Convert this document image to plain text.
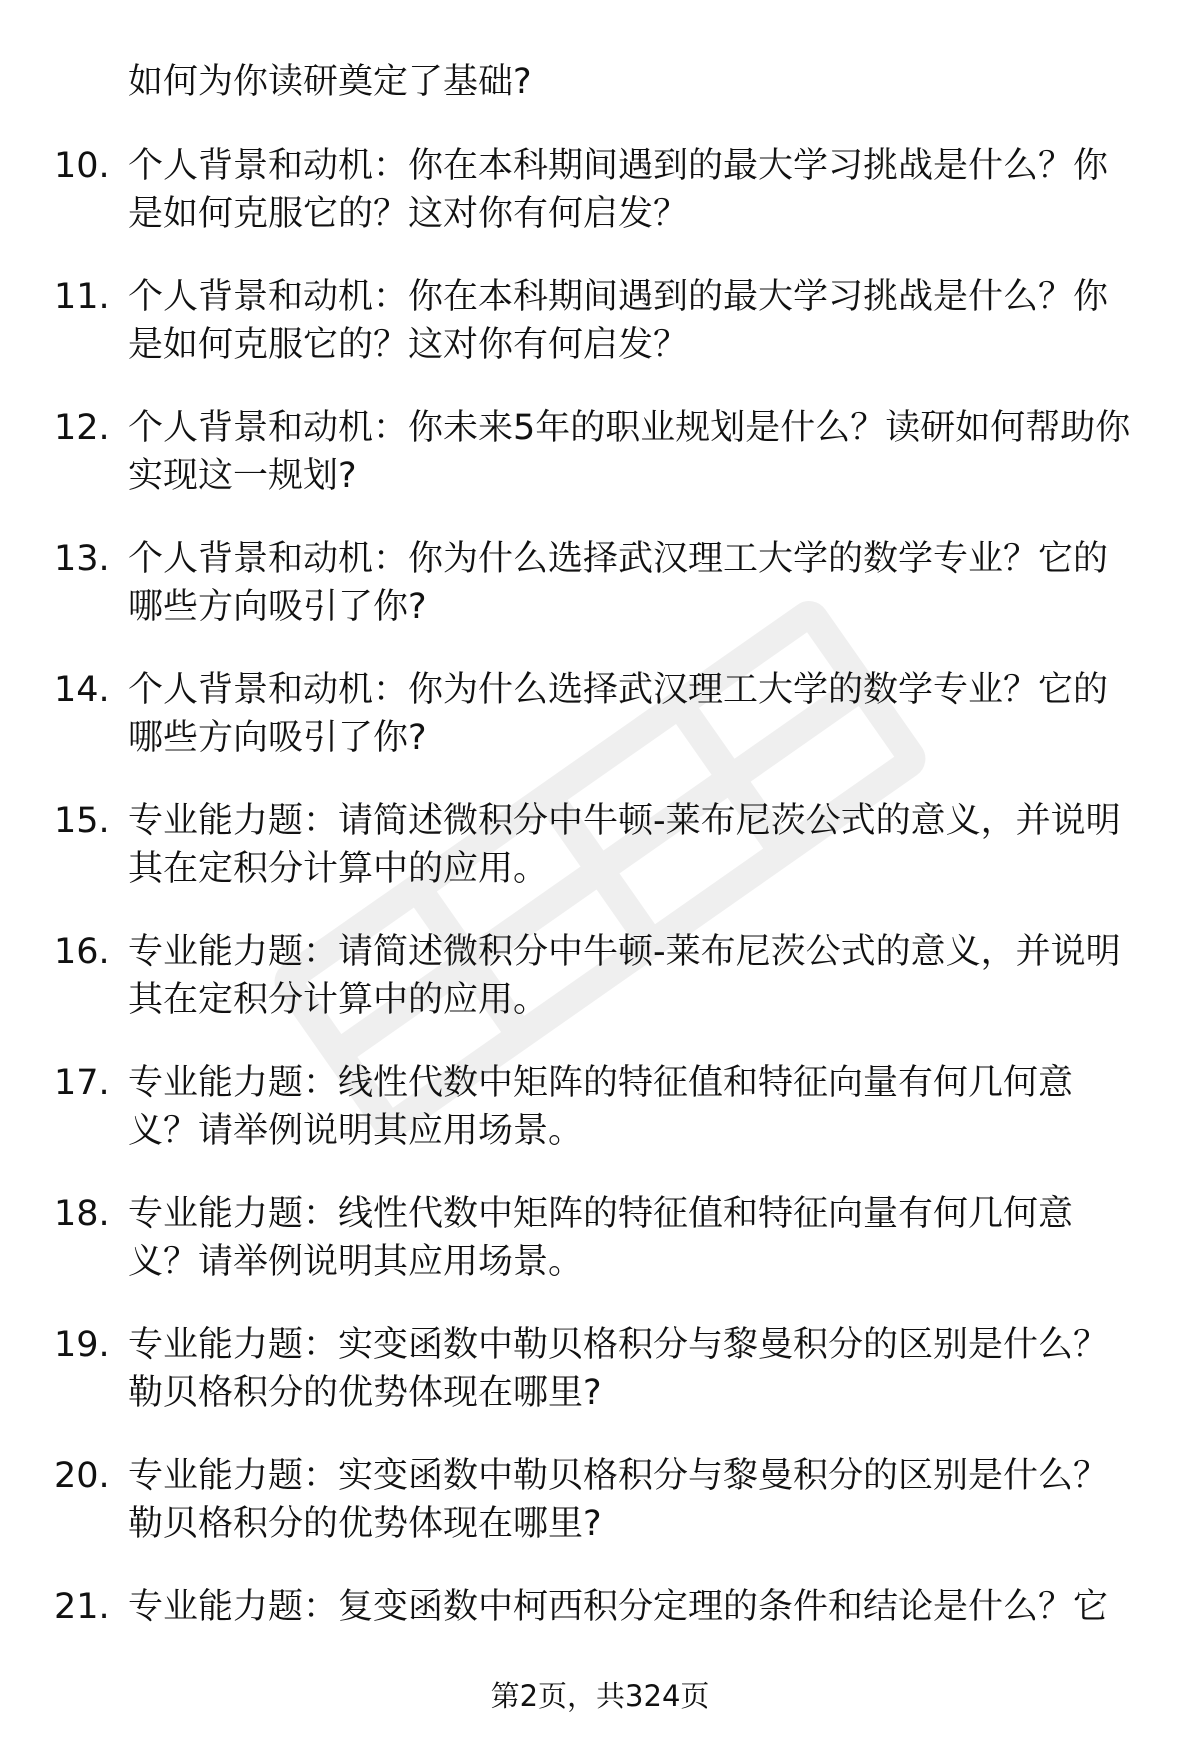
如何为你读研奠定了基础?
10. 个人背景和动机：你在本科期间遇到的最大学习挑战是什么？你
是如何克服它的？这对你有何启发？
11. 个人背景和动机：你在本科期间遇到的最大学习挑战是什么？你
是如何克服它的？这对你有何启发？
12. 个人背景和动机：你未来5年的职业规划是什么？读研如何帮助你
实现这一规划?
13. 个人背景和动机：你为什么选择武汉理工大学的数学专业？它的
哪些方向吸引了你?
14. 个人背景和动机：你为什么选择武汉理工大学的数学专业？它的
哪些方向吸引了你?
15. 专业能力题：请简述微积分中牛顿-莱布尼茨公式的意义，并说明
其在定积分计算中的应用。
16. 专业能力题：请简述微积分中牛顿-莱布尼茨公式的意义，并说明
其在定积分计算中的应用。
17. 专业能力题：线性代数中矩阵的特征值和特征向量有何几何意
义？请举例说明其应用场景。
18. 专业能力题：线性代数中矩阵的特征值和特征向量有何几何意
义？请举例说明其应用场景。
19. 专业能力题：实变函数中勒贝格积分与黎曼积分的区别是什么？
勒贝格积分的优势体现在哪里?
20. 专业能力题：实变函数中勒贝格积分与黎曼积分的区别是什么？
勒贝格积分的优势体现在哪里?
21. 专业能力题：复变函数中柯西积分定理的条件和结论是什么？它
第2页，共324页
